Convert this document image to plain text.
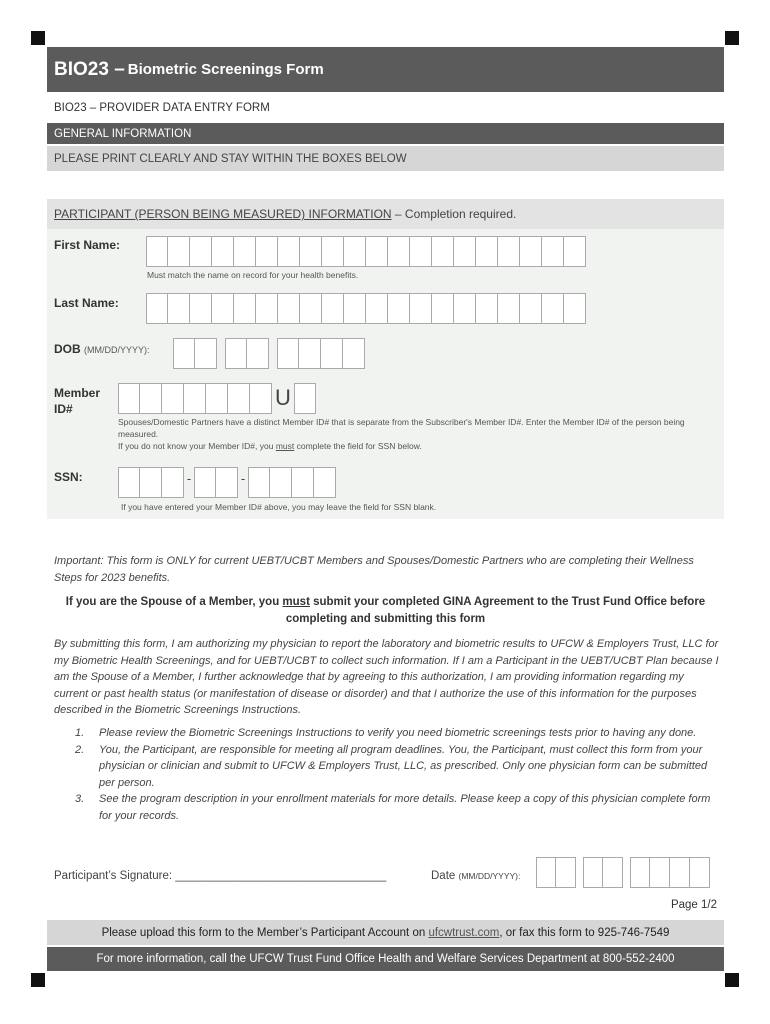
BIO23 – Biometric Screenings Form
BIO23 – PROVIDER DATA ENTRY FORM
GENERAL INFORMATION
PLEASE PRINT CLEARLY AND STAY WITHIN THE BOXES BELOW
PARTICIPANT (PERSON BEING MEASURED) INFORMATION – Completion required.
First Name:
Must match the name on record for your health benefits.
Last Name:
DOB (MM/DD/YYYY):
Member
ID#	U
Spouses/Domestic Partners have a distinct Member ID# that is separate from the Subscriber's Member ID#. Enter the Member ID# of the person being measured.
If you do not know your Member ID#, you must complete the field for SSN below.
SSN:	-	-
If you have entered your Member ID# above, you may leave the field for SSN blank.
Important: This form is ONLY for current UEBT/UCBT Members and Spouses/Domestic Partners who are completing their Wellness Steps for 2023 benefits.
If you are the Spouse of a Member, you must submit your completed GINA Agreement to the Trust Fund Office before completing and submitting this form
By submitting this form, I am authorizing my physician to report the laboratory and biometric results to UFCW & Employers Trust, LLC for my Biometric Health Screenings, and for UEBT/UCBT to collect such information. If I am a Participant in the UEBT/UCBT Plan because I am the Spouse of a Member, I further acknowledge that by agreeing to this authorization, I am providing information regarding my current or past health status (or manifestation of disease or disorder) and that I authorize the use of this information for the purposes described in the Biometric Screenings Instructions.
1.	Please review the Biometric Screenings Instructions to verify you need biometric screenings tests prior to having any done.
2.	You, the Participant, are responsible for meeting all program deadlines. You, the Participant, must collect this form from your physician or clinician and submit to UFCW & Employers Trust, LLC, as prescribed. Only one physician form can be submitted per person.
3.	See the program description in your enrollment materials for more details. Please keep a copy of this physician complete form for your records.
Participant’s Signature: _________________________________	Date (MM/DD/YYYY):
Page 1/2
Please upload this form to the Member’s Participant Account on ufcwtrust.com , or fax this form to 925-746-7549
For more information, call the UFCW Trust Fund Office Health and Welfare Services Department at 800-552-2400
